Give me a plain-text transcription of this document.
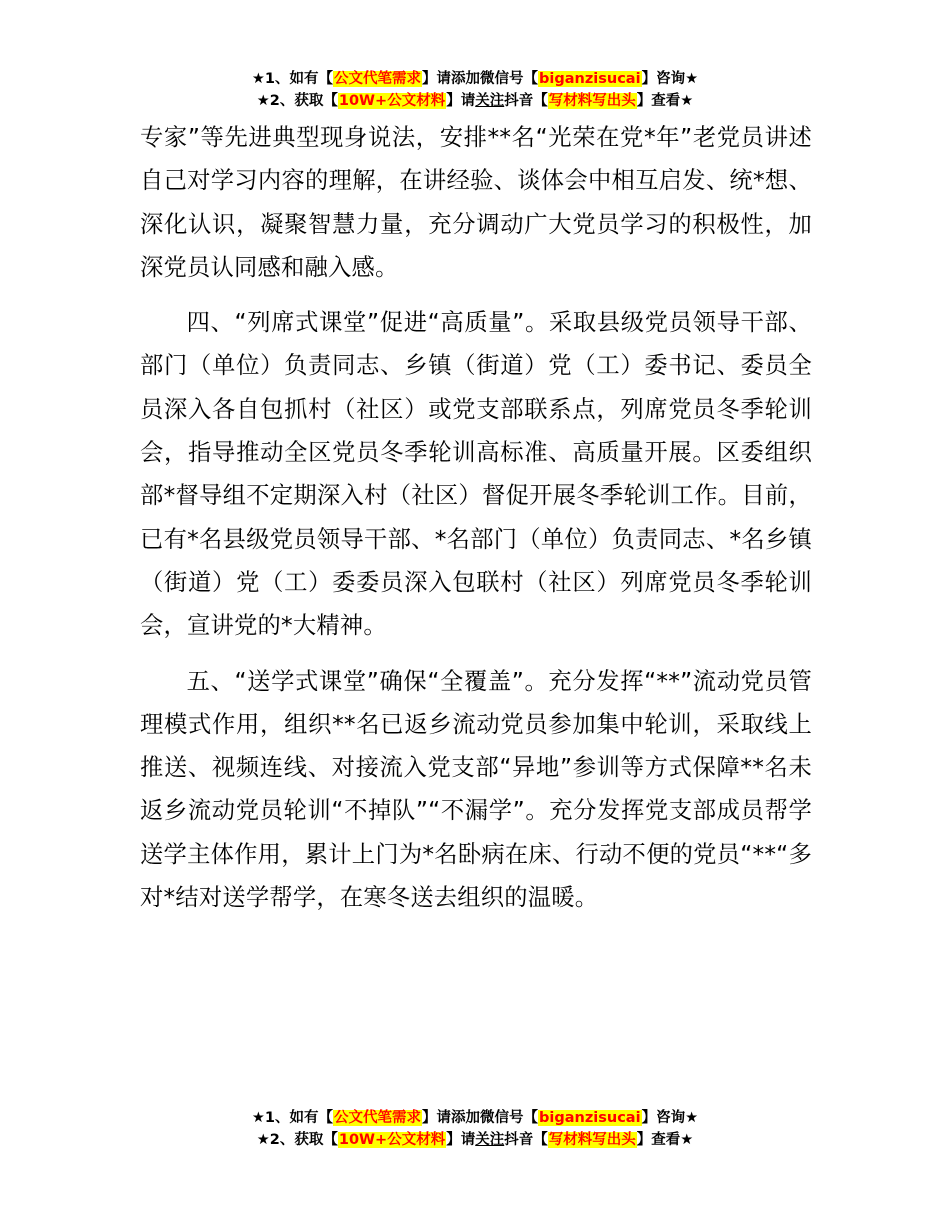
★1、如有【公文代笔需求】请添加微信号【biganzisucai】咨询★
★2、获取【10W+公文材料】请关注抖音【写材料写出头】查看★

专家”等先进典型现身说法，安排**名“光荣在党*年”老党员讲述自己对学习内容的理解，在讲经验、谈体会中相互启发、统*想、深化认识，凝聚智慧力量，充分调动广大党员学习的积极性，加深党员认同感和融入感。

四、“列席式课堂”促进“高质量”。采取县级党员领导干部、部门（单位）负责同志、乡镇（街道）党（工）委书记、委员全员深入各自包抓村（社区）或党支部联系点，列席党员冬季轮训会，指导推动全区党员冬季轮训高标准、高质量开展。区委组织部*督导组不定期深入村（社区）督促开展冬季轮训工作。目前，已有*名县级党员领导干部、*名部门（单位）负责同志、*名乡镇（街道）党（工）委委员深入包联村（社区）列席党员冬季轮训会，宣讲党的*大精神。

五、“送学式课堂”确保“全覆盖”。充分发挥“**”流动党员管理模式作用，组织**名已返乡流动党员参加集中轮训，采取线上推送、视频连线、对接流入党支部“异地”参训等方式保障**名未返乡流动党员轮训“不掉队”“不漏学”。充分发挥党支部成员帮学送学主体作用，累计上门为*名卧病在床、行动不便的党员“**“多对*结对送学帮学，在寒冬送去组织的温暖。

★1、如有【公文代笔需求】请添加微信号【biganzisucai】咨询★
★2、获取【10W+公文材料】请关注抖音【写材料写出头】查看★
